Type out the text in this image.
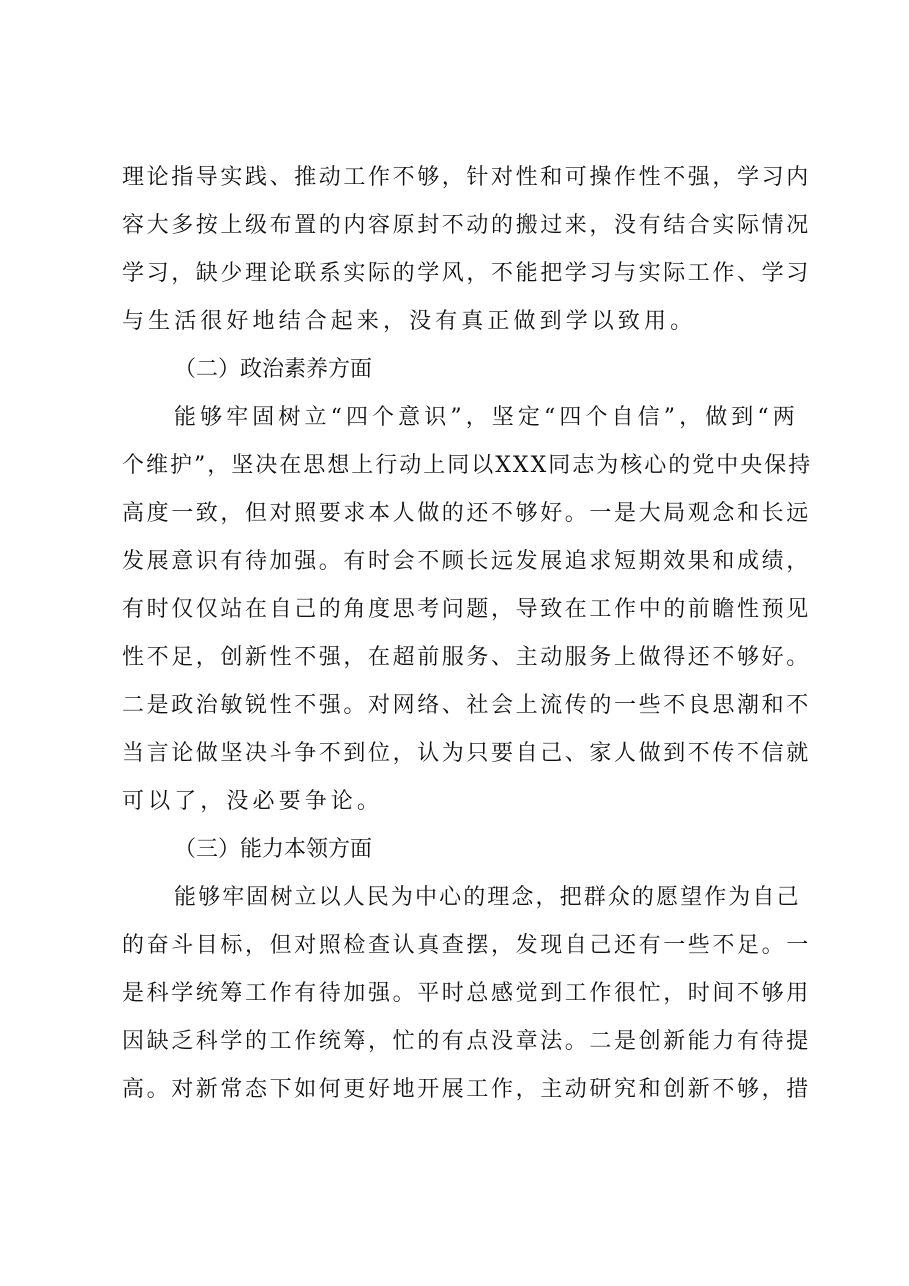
理论指导实践、推动工作不够，针对性和可操作性不强，学习内
容大多按上级布置的内容原封不动的搬过来，没有结合实际情况
学习，缺少理论联系实际的学风，不能把学习与实际工作、学习
与生活很好地结合起来，没有真正做到学以致用。
（二）政治素养方面
能够牢固树立“四个意识”，坚定“四个自信”，做到“两
个维护”，坚决在思想上行动上同以XXX同志为核心的党中央保持
高度一致，但对照要求本人做的还不够好。一是大局观念和长远
发展意识有待加强。有时会不顾长远发展追求短期效果和成绩，
有时仅仅站在自己的角度思考问题，导致在工作中的前瞻性预见
性不足，创新性不强，在超前服务、主动服务上做得还不够好。
二是政治敏锐性不强。对网络、社会上流传的一些不良思潮和不
当言论做坚决斗争不到位，认为只要自己、家人做到不传不信就
可以了，没必要争论。
（三）能力本领方面
能够牢固树立以人民为中心的理念，把群众的愿望作为自己
的奋斗目标，但对照检查认真查摆，发现自己还有一些不足。一
是科学统筹工作有待加强。平时总感觉到工作很忙，时间不够用
因缺乏科学的工作统筹，忙的有点没章法。二是创新能力有待提
高。对新常态下如何更好地开展工作，主动研究和创新不够，措
